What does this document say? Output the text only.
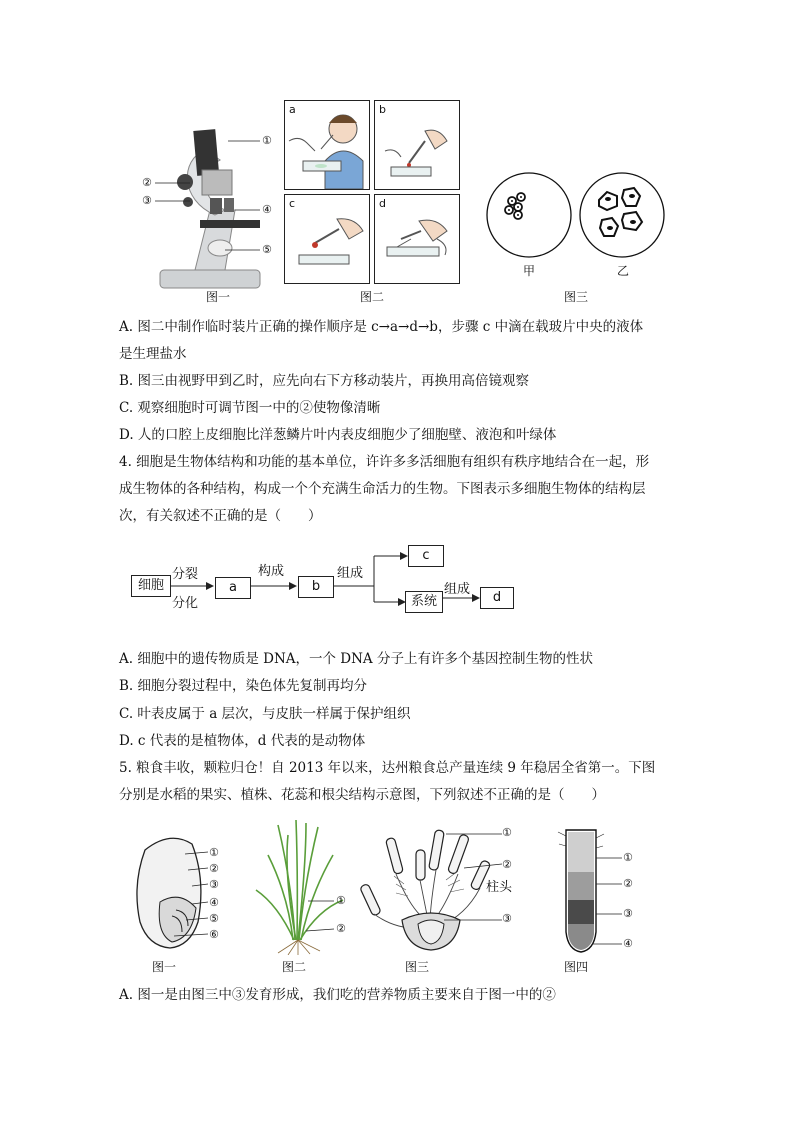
①
②
③
④
⑤
图一
a	b
c	d
图二
甲	乙
图三
A. 图二中制作临时装片正确的操作顺序是 c→a→d→b，步骤 c 中滴在载玻片中央的液体
是生理盐水
B. 图三由视野甲到乙时，应先向右下方移动装片，再换用高倍镜观察
C. 观察细胞时可调节图一中的②使物像清晰
D. 人的口腔上皮细胞比洋葱鳞片叶内表皮细胞少了细胞壁、液泡和叶绿体
4. 细胞是生物体结构和功能的基本单位，许许多多活细胞有组织有秩序地结合在一起，形
成生物体的各种结构，构成一个个充满生命活力的生物。下图表示多细胞生物体的结构层
次，有关叙述不正确的是（　　）
细胞
分裂
分化
a
构成
b
组成
c
系统
组成
d
A. 细胞中的遗传物质是 DNA，一个 DNA 分子上有许多个基因控制生物的性状
B. 细胞分裂过程中，染色体先复制再均分
C. 叶表皮属于 a 层次，与皮肤一样属于保护组织
D. c 代表的是植物体，d 代表的是动物体
5. 粮食丰收，颗粒归仓！自 2013 年以来，达州粮食总产量连续 9 年稳居全省第一。下图
分别是水稻的果实、植株、花蕊和根尖结构示意图，下列叙述不正确的是（　　）
①
②
③
④
⑤
⑥
图一
①
②
图二
①
②
柱头
③
图三
①
②
③
④
图四
A. 图一是由图三中③发育形成，我们吃的营养物质主要来自于图一中的②
